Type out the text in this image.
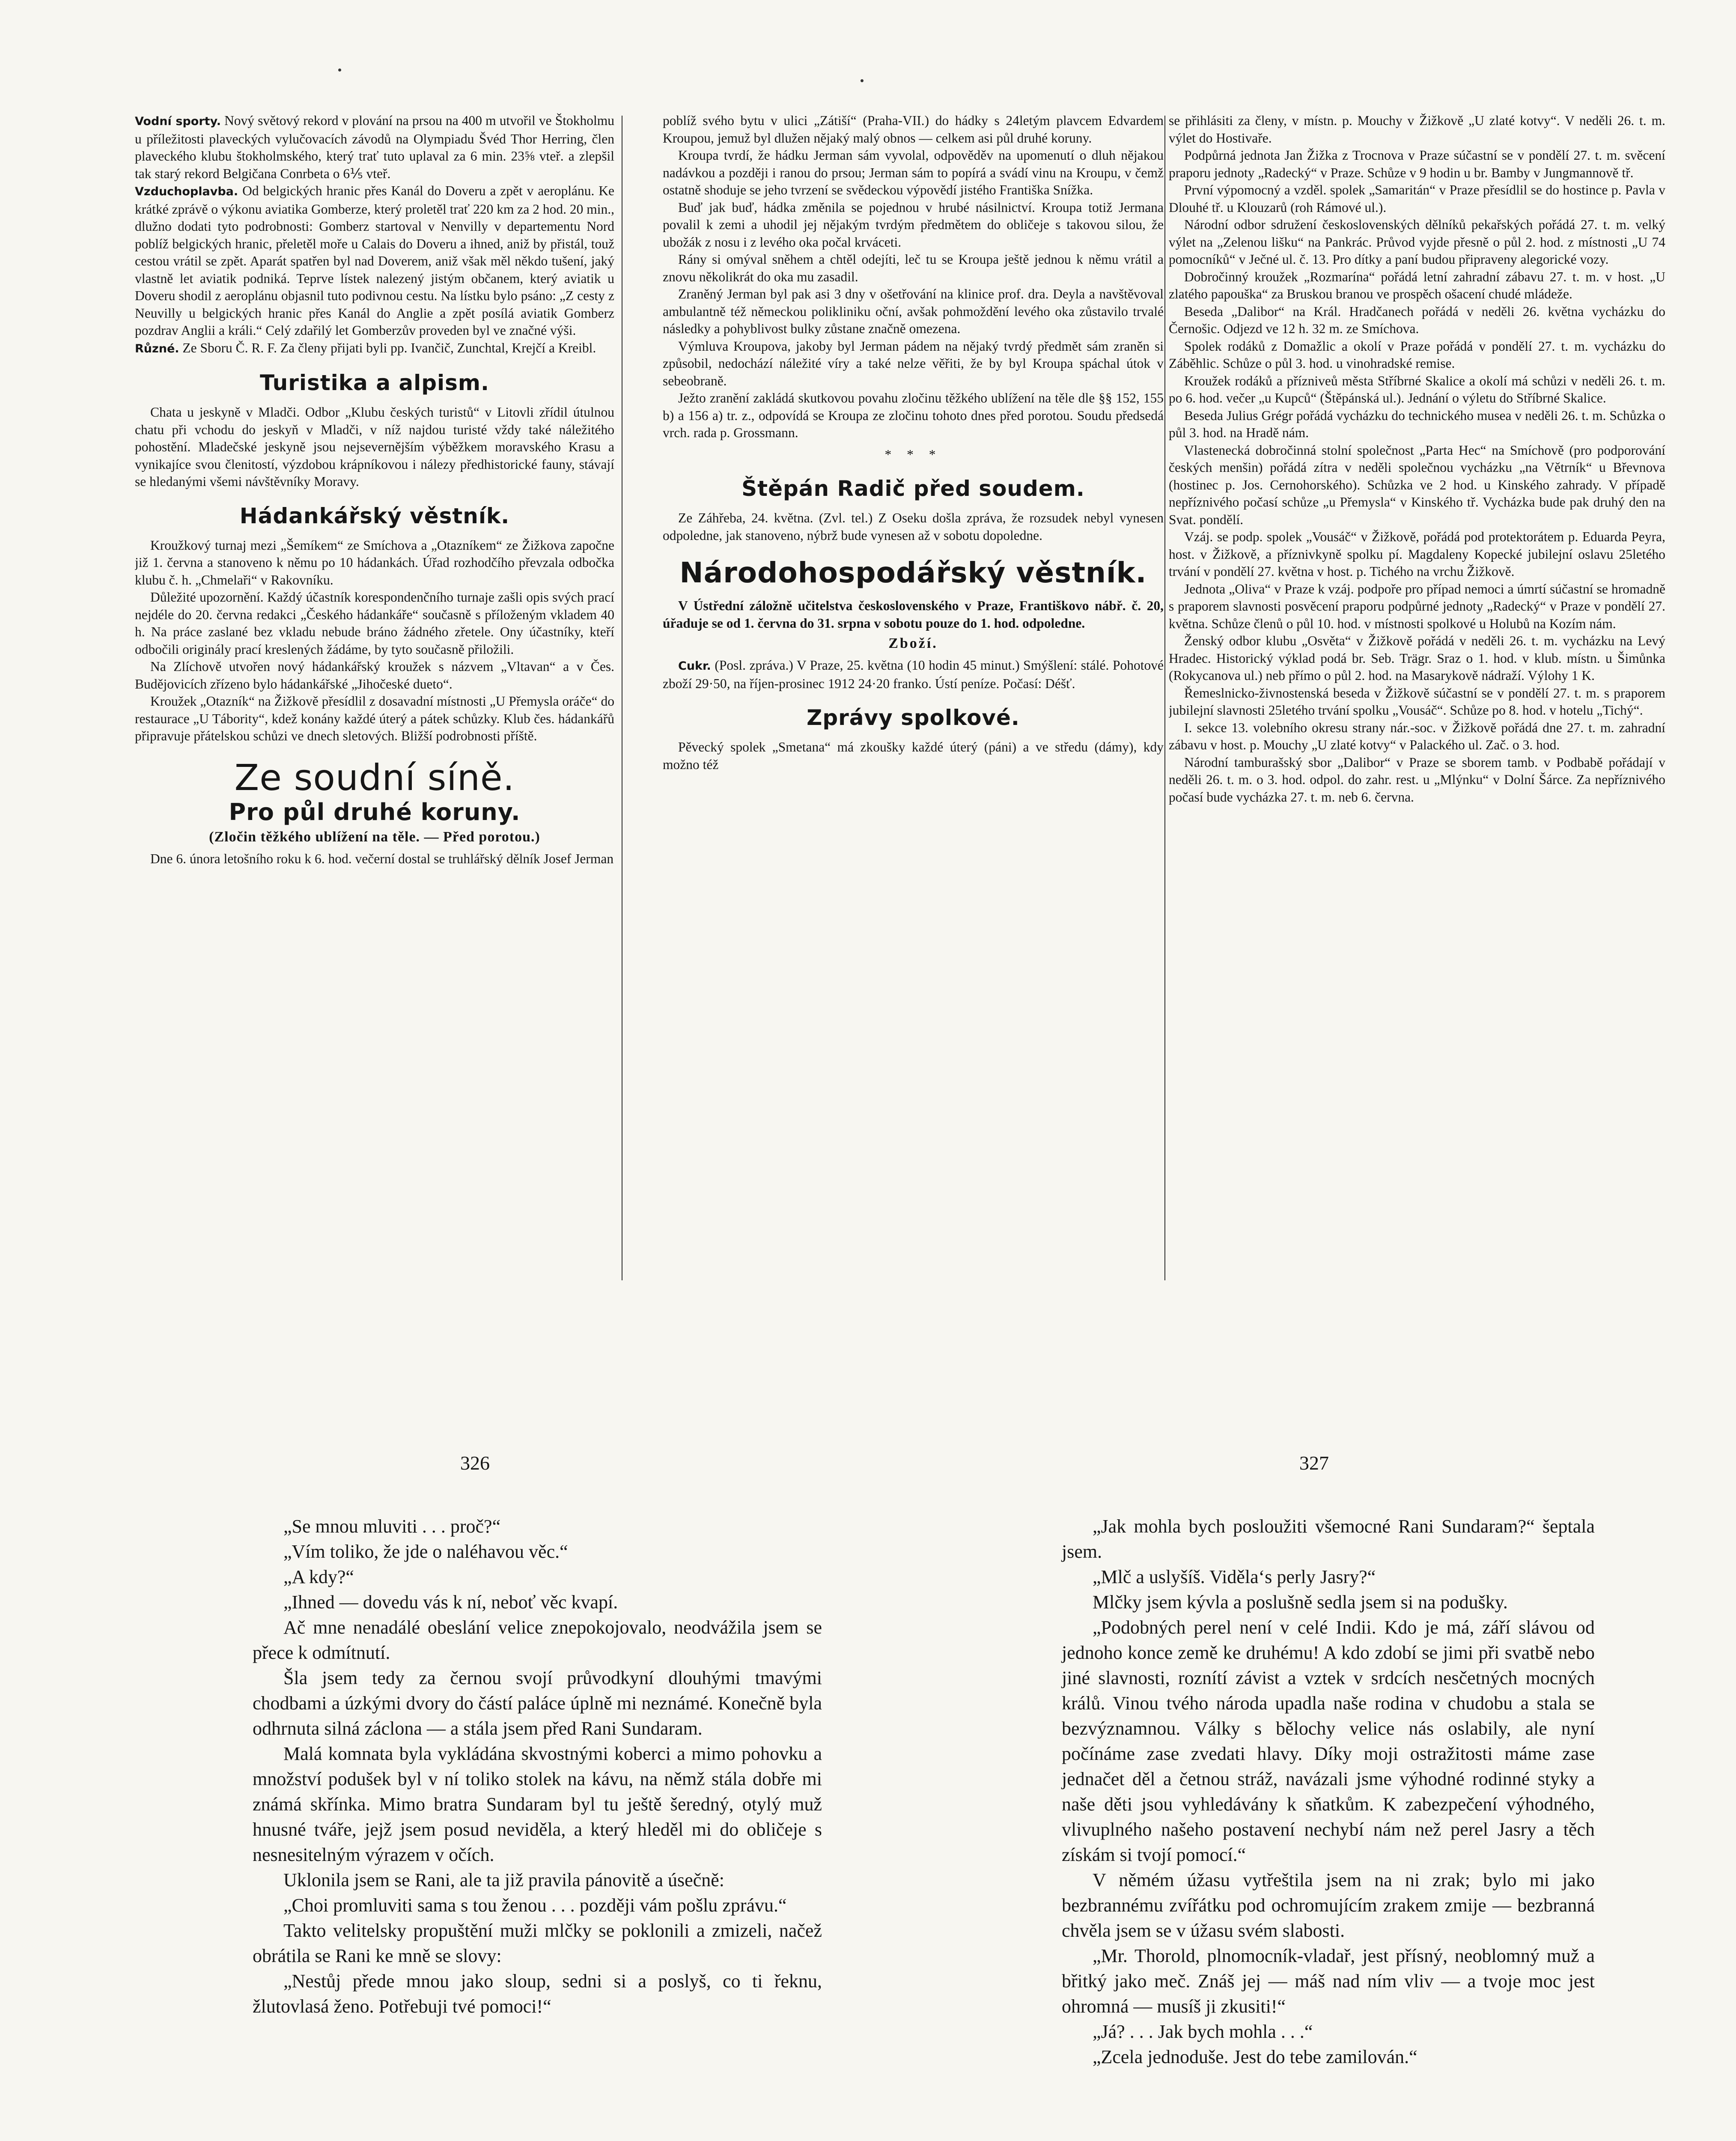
Vodní sporty. Nový světový rekord v plování na prsou na 400 m utvořil ve Štokholmu u příležitosti plaveckých vylučovacích závodů na Olympiadu Švéd Thor Herring, člen plaveckého klubu štokholmského, který trať tuto uplaval za 6 min. 23⅝ vteř. a zlepšil tak starý rekord Belgičana Conrbeta o 6⅕ vteř.

Vzduchoplavba. Od belgických hranic přes Kanál do Doveru a zpět v aeroplánu. Ke krátké zprávě o výkonu aviatika Gomberze, který proletěl trať 220 km za 2 hod. 20 min., dlužno dodati tyto podrobnosti: Gomberz startoval v Nenvilly v departementu Nord poblíž belgických hranic, přeletěl moře u Calais do Doveru a ihned, aniž by přistál, touž cestou vrátil se zpět. Aparát spatřen byl nad Doverem, aniž však měl někdo tušení, jaký vlastně let aviatik podniká. Teprve lístek nalezený jistým občanem, který aviatik u Doveru shodil z aeroplánu objasnil tuto podivnou cestu. Na lístku bylo psáno: „Z cesty z Neuvilly u belgických hranic přes Kanál do Anglie a zpět posílá aviatik Gomberz pozdrav Anglii a králi.“ Celý zdařilý let Gomberzův proveden byl ve značné výši.

Různé. Ze Sboru Č. R. F. Za členy přijati byli pp. Ivančič, Zunchtal, Krejčí a Kreibl.

Turistika a alpism.

Chata u jeskyně v Mladči. Odbor „Klubu českých turistů“ v Litovli zřídil útulnou chatu při vchodu do jeskyň v Mladči, v níž najdou turisté vždy také náležitého pohostění. Mladečské jeskyně jsou nejsevernějším výběžkem moravského Krasu a vynikajíce svou členitostí, výzdobou krápníkovou i nálezy předhistorické fauny, stávají se hledanými všemi návštěvníky Moravy.

Hádankářský věstník.

Kroužkový turnaj mezi „Šemíkem“ ze Smíchova a „Otazníkem“ ze Žižkova započne již 1. června a stanoveno k němu po 10 hádankách. Úřad rozhodčího převzala odbočka klubu č. h. „Chmelaři“ v Rakovníku.

Důležité upozornění. Každý účastník korespondenčního turnaje zašli opis svých prací nejdéle do 20. června redakci „Českého hádankáře“ současně s příloženým vkladem 40 h. Na práce zaslané bez vkladu nebude bráno žádného zřetele. Ony účastníky, kteří odbočili originály prací kreslených žádáme, by tyto současně přiložili.

Na Zlíchově utvořen nový hádankářský kroužek s názvem „Vltavan“ a v Čes. Budějovicích zřízeno bylo hádankářské „Jihočeské dueto“.

Kroužek „Otazník“ na Žižkově přesídlil z dosavadní místnosti „U Přemysla oráče“ do restaurace „U Tábority“, kdež konány každé úterý a pátek schůzky. Klub čes. hádankářů připravuje přátelskou schůzi ve dnech sletových. Bližší podrobnosti příště.

Ze soudní síně.
Pro půl druhé koruny.
(Zločin těžkého ublížení na těle. — Před porotou.)

Dne 6. února letošního roku k 6. hod. večerní dostal se truhlářský dělník Josef Jerman

poblíž svého bytu v ulici „Zátiší“ (Praha-VII.) do hádky s 24letým plavcem Edvardem Kroupou, jemuž byl dlužen nějaký malý obnos — celkem asi půl druhé koruny.

Kroupa tvrdí, že hádku Jerman sám vyvolal, odpověděv na upomenutí o dluh nějakou nadávkou a později i ranou do prsou; Jerman sám to popírá a svádí vinu na Kroupu, v čemž ostatně shoduje se jeho tvrzení se svědeckou výpovědí jistého Františka Snížka.

Buď jak buď, hádka změnila se pojednou v hrubé násilnictví. Kroupa totiž Jermana povalil k zemi a uhodil jej nějakým tvrdým předmětem do obličeje s takovou silou, že ubožák z nosu i z levého oka počal krváceti.

Rány si omýval sněhem a chtěl odejíti, leč tu se Kroupa ještě jednou k němu vrátil a znovu několikrát do oka mu zasadil.

Zraněný Jerman byl pak asi 3 dny v ošetřování na klinice prof. dra. Deyla a navštěvoval ambulantně též německou polikliniku oční, avšak pohmoždění levého oka zůstavilo trvalé následky a pohyblivost bulky zůstane značně omezena.

Výmluva Kroupova, jakoby byl Jerman pádem na nějaký tvrdý předmět sám zraněn si způsobil, nedochází náležité víry a také nelze věřiti, že by byl Kroupa spáchal útok v sebeobraně.

Ježto zranění zakládá skutkovou povahu zločinu těžkého ublížení na těle dle §§ 152, 155 b) a 156 a) tr. z., odpovídá se Kroupa ze zločinu tohoto dnes před porotou. Soudu předsedá vrch. rada p. Grossmann.

* * *
Štěpán Radič před soudem.

Ze Záhřeba, 24. května. (Zvl. tel.) Z Oseku došla zpráva, že rozsudek nebyl vynesen odpoledne, jak stanoveno, nýbrž bude vynesen až v sobotu dopoledne.

Národohospodářský věstník.

V Ústřední záložně učitelstva československého v Praze, Františkovo nábř. č. 20, úřaduje se od 1. června do 31. srpna v sobotu pouze do 1. hod. odpoledne.

Zboží.

Cukr. (Posl. zpráva.) V Praze, 25. května (10 hodin 45 minut.) Smýšlení: stálé. Pohotové zboží 29·50, na říjen-prosinec 1912 24·20 franko. Ústí peníze. Počasí: Déšť.

Zprávy spolkové.

Pěvecký spolek „Smetana“ má zkoušky každé úterý (páni) a ve středu (dámy), kdy možno též

se přihlásiti za členy, v místn. p. Mouchy v Žižkově „U zlaté kotvy“. V neděli 26. t. m. výlet do Hostivaře.

Podpůrná jednota Jan Žižka z Trocnova v Praze súčastní se v pondělí 27. t. m. svěcení praporu jednoty „Radecký“ v Praze. Schůze v 9 hodin u br. Bamby v Jungmannově tř.

První výpomocný a vzděl. spolek „Samaritán“ v Praze přesídlil se do hostince p. Pavla v Dlouhé tř. u Klouzarů (roh Rámové ul.).

Národní odbor sdružení československých dělníků pekařských pořádá 27. t. m. velký výlet na „Zelenou lišku“ na Pankrác. Průvod vyjde přesně o půl 2. hod. z místnosti „U 74 pomocníků“ v Ječné ul. č. 13. Pro dítky a paní budou připraveny alegorické vozy.

Dobročinný kroužek „Rozmarína“ pořádá letní zahradní zábavu 27. t. m. v host. „U zlatého papouška“ za Bruskou branou ve prospěch ošacení chudé mládeže.

Beseda „Dalibor“ na Král. Hradčanech pořádá v neděli 26. května vycházku do Černošic. Odjezd ve 12 h. 32 m. ze Smíchova.

Spolek rodáků z Domažlic a okolí v Praze pořádá v pondělí 27. t. m. vycházku do Záběhlic. Schůze o půl 3. hod. u vinohradské remise.

Kroužek rodáků a přízniveů města Stříbrné Skalice a okolí má schůzi v neděli 26. t. m. po 6. hod. večer „u Kupců“ (Štěpánská ul.). Jednání o výletu do Stříbrné Skalice.

Beseda Julius Grégr pořádá vycházku do technického musea v neděli 26. t. m. Schůzka o půl 3. hod. na Hradě nám.

Vlastenecká dobročinná stolní společnost „Parta Hec“ na Smíchově (pro podporování českých menšin) pořádá zítra v neděli společnou vycházku „na Větrník“ u Břevnova (hostinec p. Jos. Cernohorského). Schůzka ve 2 hod. u Kinského zahrady. V případě nepříznivého počasí schůze „u Přemysla“ v Kinského tř. Vycházka bude pak druhý den na Svat. pondělí.

Vzáj. se podp. spolek „Vousáč“ v Žižkově, pořádá pod protektorátem p. Eduarda Peyra, host. v Žižkově, a příznivkyně spolku pí. Magdaleny Kopecké jubilejní oslavu 25letého trvání v pondělí 27. května v host. p. Tichého na vrchu Žižkově.

Jednota „Oliva“ v Praze k vzáj. podpoře pro případ nemoci a úmrtí súčastní se hromadně s praporem slavnosti posvěcení praporu podpůrné jednoty „Radecký“ v Praze v pondělí 27. května. Schůze členů o půl 10. hod. v místnosti spolkové u Holubů na Kozím nám.

Ženský odbor klubu „Osvěta“ v Žižkově pořádá v neděli 26. t. m. vycházku na Levý Hradec. Historický výklad podá br. Seb. Trägr. Sraz o 1. hod. v klub. místn. u Šimůnka (Rokycanova ul.) neb přímo o půl 2. hod. na Masarykově nádraží. Výlohy 1 K.

Řemeslnicko-živnostenská beseda v Žižkově súčastní se v pondělí 27. t. m. s praporem jubilejní slavnosti 25letého trvání spolku „Vousáč“. Schůze po 8. hod. v hotelu „Tichý“.

I. sekce 13. volebního okresu strany nár.-soc. v Žižkově pořádá dne 27. t. m. zahradní zábavu v host. p. Mouchy „U zlaté kotvy“ v Palackého ul. Zač. o 3. hod.

Národní tamburašský sbor „Dalibor“ v Praze se sborem tamb. v Podbabě pořádají v neděli 26. t. m. o 3. hod. odpol. do zahr. rest. u „Mlýnku“ v Dolní Šárce. Za nepříznivého počasí bude vycházka 27. t. m. neb 6. června.

326	327

„Se mnou mluviti . . . proč?“

„Vím toliko, že jde o naléhavou věc.“

„A kdy?“

„Ihned — dovedu vás k ní, neboť věc kvapí.

Ač mne nenadálé obeslání velice znepokojovalo, neodvážila jsem se přece k odmítnutí.

Šla jsem tedy za černou svojí průvodkyní dlouhými tmavými chodbami a úzkými dvory do částí paláce úplně mi neznámé. Konečně byla odhrnuta silná záclona — a stála jsem před Rani Sundaram.

Malá komnata byla vykládána skvostnými koberci a mimo pohovku a množství podušek byl v ní toliko stolek na kávu, na němž stála dobře mi známá skřínka. Mimo bratra Sundaram byl tu ještě šeredný, otylý muž hnusné tváře, jejž jsem posud neviděla, a který hleděl mi do obličeje s nesnesitelným výrazem v očích.

Uklonila jsem se Rani, ale ta již pravila pánovitě a úsečně:

„Choi promluviti sama s tou ženou . . . později vám pošlu zprávu.“

Takto velitelsky propuštění muži mlčky se poklonili a zmizeli, načež obrátila se Rani ke mně se slovy:

„Nestůj přede mnou jako sloup, sedni si a poslyš, co ti řeknu, žlutovlasá ženo. Potřebuji tvé pomoci!“

„Jak mohla bych posloužiti všemocné Rani Sundaram?“ šeptala jsem.

„Mlč a uslyšíš. Viděla‘s perly Jasry?“

Mlčky jsem kývla a poslušně sedla jsem si na podušky.

„Podobných perel není v celé Indii. Kdo je má, září slávou od jednoho konce země ke druhému! A kdo zdobí se jimi při svatbě nebo jiné slavnosti, roznítí závist a vztek v srdcích nesčetných mocných králů. Vinou tvého národa upadla naše rodina v chudobu a stala se bezvýznamnou. Války s bělochy velice nás oslabily, ale nyní počínáme zase zvedati hlavy. Díky moji ostražitosti máme zase jednačet děl a četnou stráž, navázali jsme výhodné rodinné styky a naše děti jsou vyhledávány k sňatkům. K zabezpečení výhodného, vlivuplného našeho postavení nechybí nám než perel Jasry a těch získám si tvojí pomocí.“

V němém úžasu vytřeštila jsem na ni zrak; bylo mi jako bezbrannému zvířátku pod ochromujícím zrakem zmije — bezbranná chvěla jsem se v úžasu svém slabosti.

„Mr. Thorold, plnomocník-vladař, jest přísný, neoblomný muž a břitký jako meč. Znáš jej — máš nad ním vliv — a tvoje moc jest ohromná — musíš ji zkusiti!“

„Já? . . . Jak bych mohla . . .“

„Zcela jednoduše. Jest do tebe zamilován.“
